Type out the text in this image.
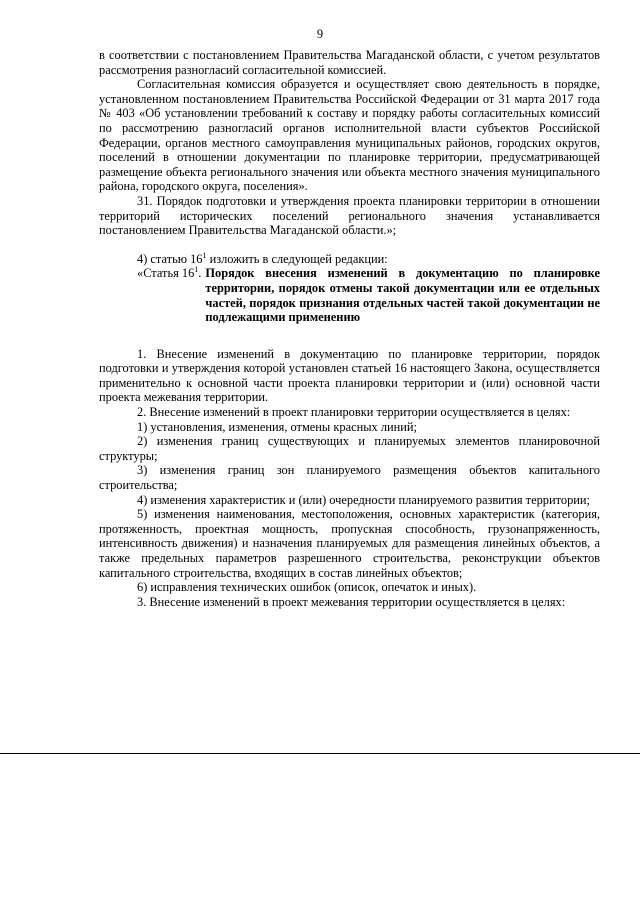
9

в соответствии с постановлением Правительства Магаданской области, с учетом результатов рассмотрения разногласий согласительной комиссией.

Согласительная комиссия образуется и осуществляет свою деятельность в порядке, установленном постановлением Правительства Российской Федерации от 31 марта 2017 года № 403 «Об установлении требований к составу и порядку работы согласительных комиссий по рассмотрению разногласий органов исполнительной власти субъектов Российской Федерации, органов местного самоуправления муниципальных районов, городских округов, поселений в отношении документации по планировке территории, предусматривающей размещение объекта регионального значения или объекта местного значения муниципального района, городского округа, поселения».

31. Порядок подготовки и утверждения проекта планировки территории в отношении территорий исторических поселений регионального значения устанавливается постановлением Правительства Магаданской области.»;

4) статью $16^1$ изложить в следующей редакции:

«Статья $16^1$. Порядок внесения изменений в документацию по планировке территории, порядок отмены такой документации или ее отдельных частей, порядок признания отдельных частей такой документации не подлежащими применению

1. Внесение изменений в документацию по планировке территории, порядок подготовки и утверждения которой установлен статьей 16 настоящего Закона, осуществляется применительно к основной части проекта планировки территории и (или) основной части проекта межевания территории.

2. Внесение изменений в проект планировки территории осуществляется в целях:

1) установления, изменения, отмены красных линий;

2) изменения границ существующих и планируемых элементов планировочной структуры;

3) изменения границ зон планируемого размещения объектов капитального строительства;

4) изменения характеристик и (или) очередности планируемого развития территории;

5) изменения наименования, местоположения, основных характеристик (категория, протяженность, проектная мощность, пропускная способность, грузонапряженность, интенсивность движения) и назначения планируемых для размещения линейных объектов, а также предельных параметров разрешенного строительства, реконструкции объектов капитального строительства, входящих в состав линейных объектов;

6) исправления технических ошибок (описок, опечаток и иных).

3. Внесение изменений в проект межевания территории осуществляется в целях:
